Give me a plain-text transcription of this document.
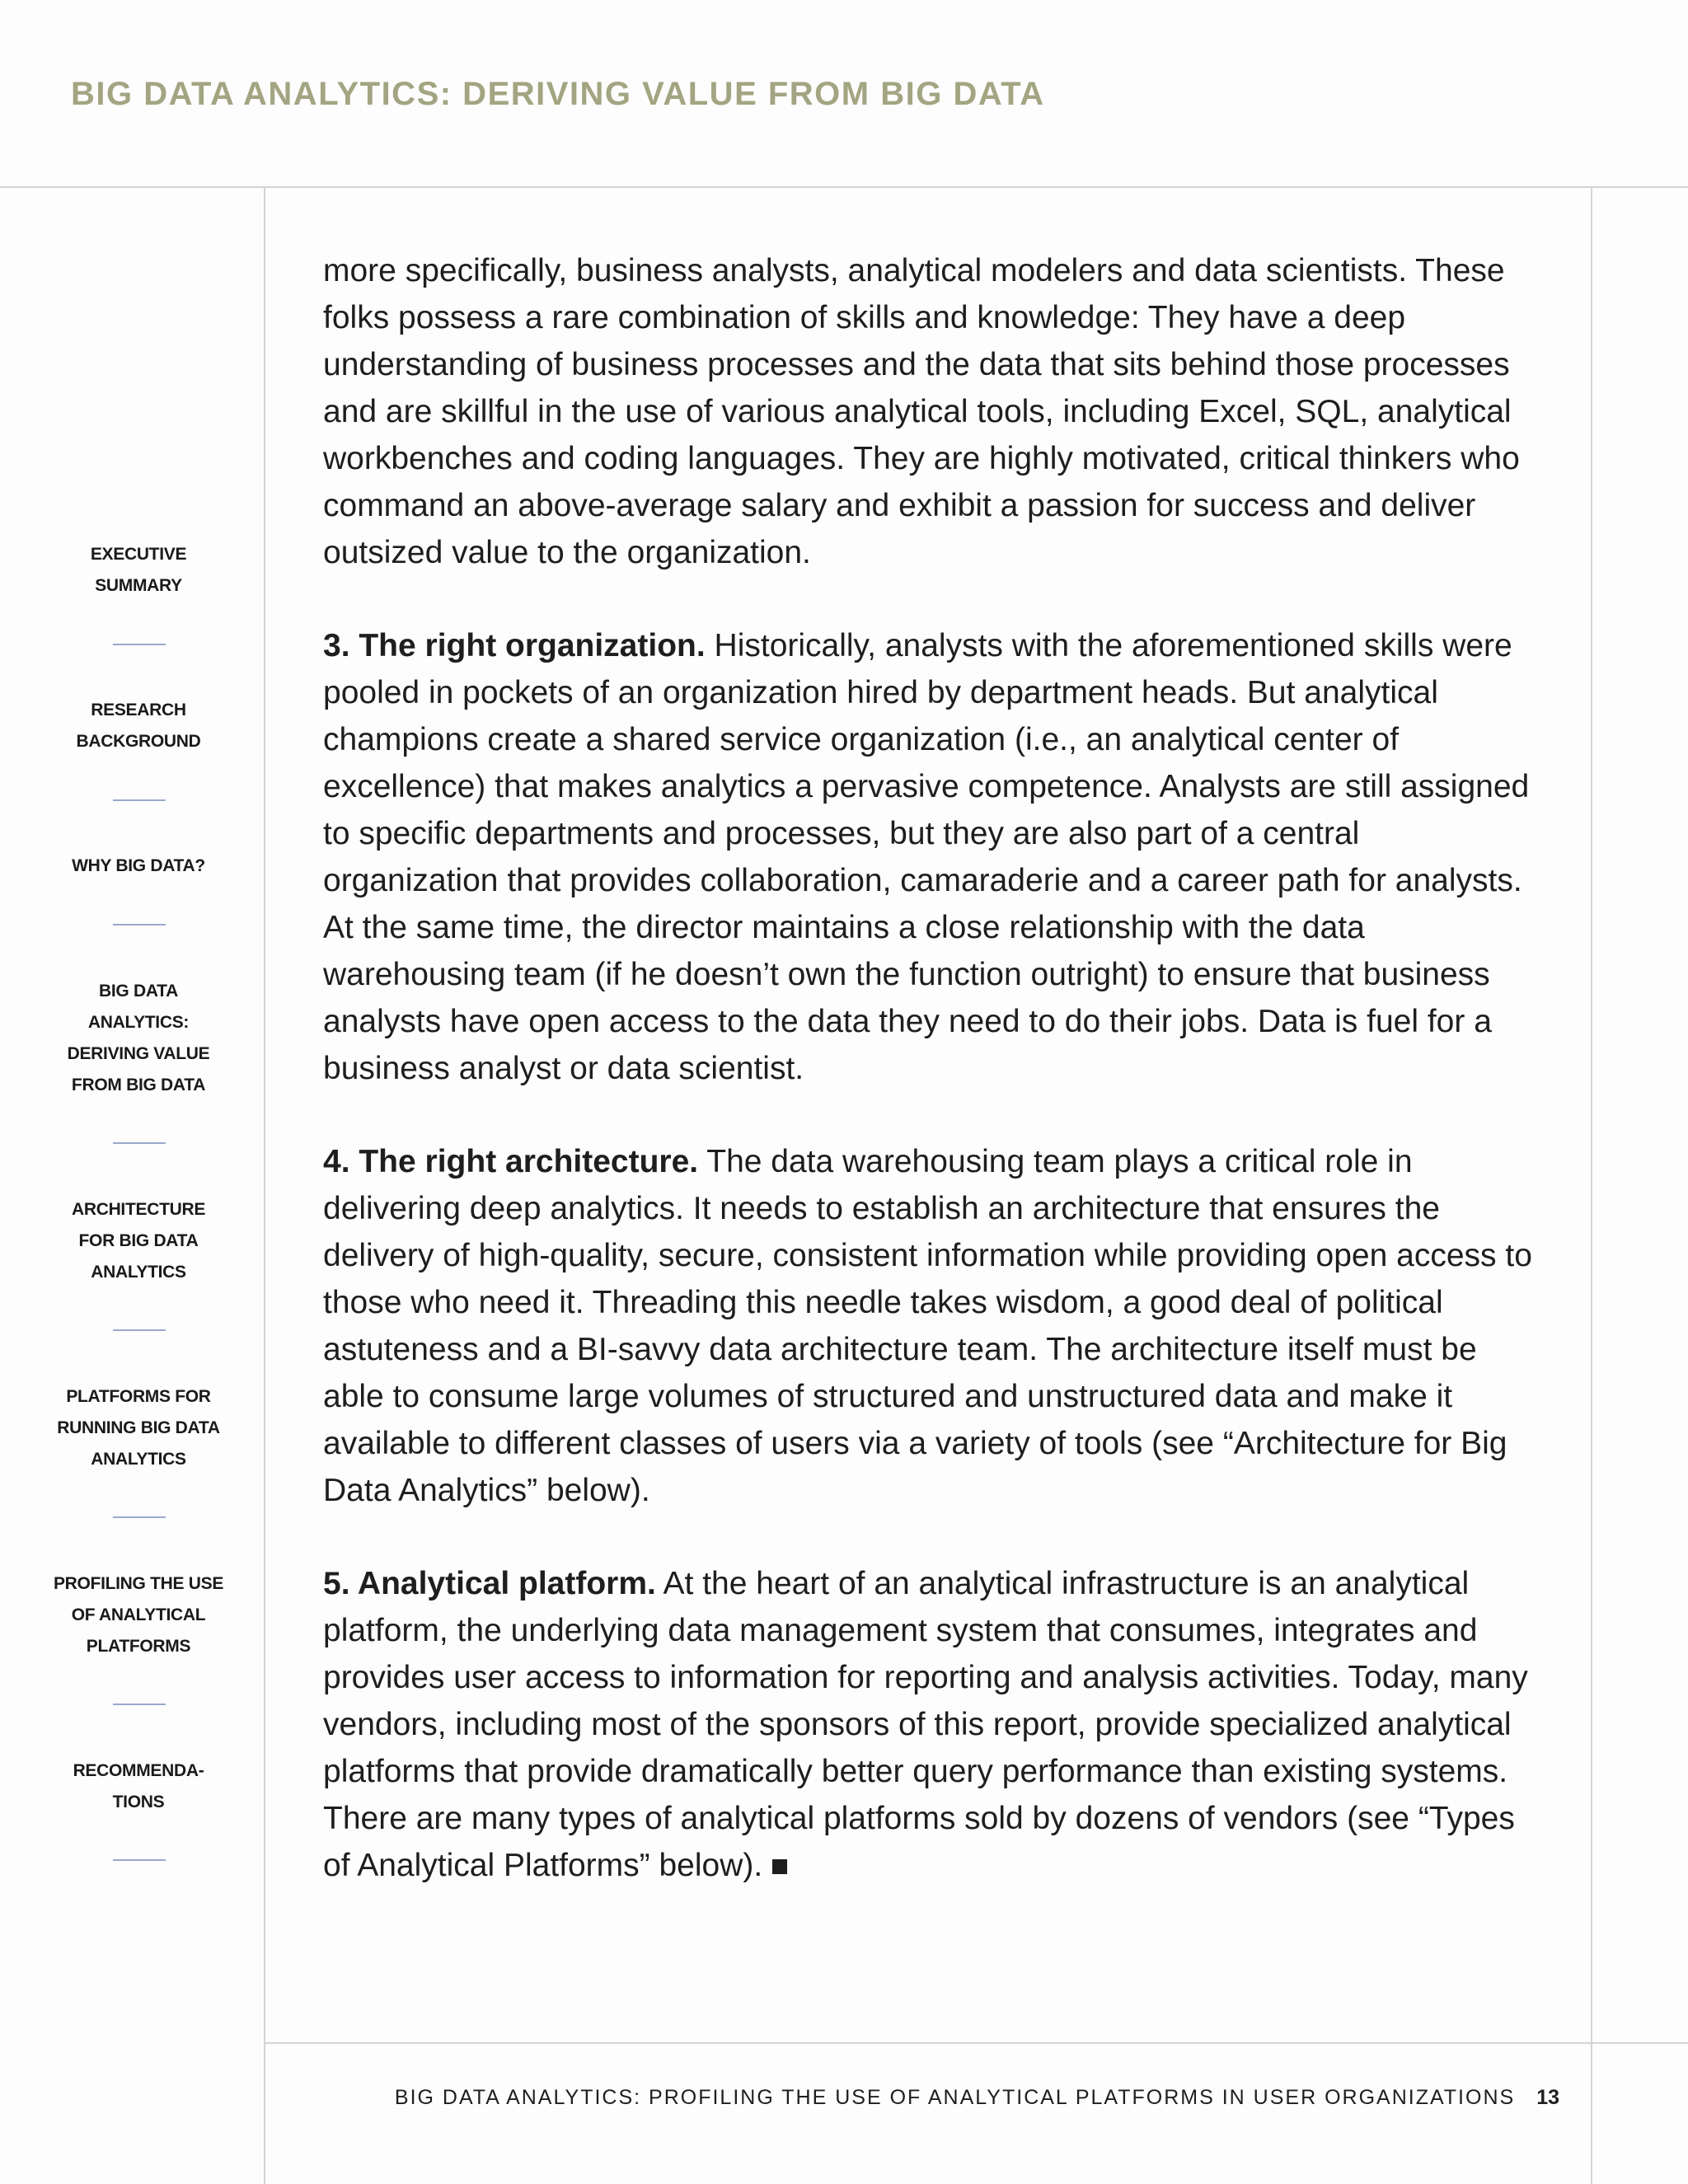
BIG DATA ANALYTICS: DERIVING VALUE FROM BIG DATA
EXECUTIVE
SUMMARY
RESEARCH
BACKGROUND
WHY BIG DATA?
BIG DATA
ANALYTICS:
DERIVING VALUE
FROM BIG DATA
ARCHITECTURE
FOR BIG DATA
ANALYTICS
PLATFORMS FOR
RUNNING BIG DATA
ANALYTICS
PROFILING THE USE
OF ANALYTICAL
PLATFORMS
RECOMMENDA-
TIONS

more specifically, business analysts, analytical modelers and data scientists. These folks possess a rare combination of skills and knowledge: They have a deep understanding of business processes and the data that sits behind those processes and are skillful in the use of various analytical tools, including Excel, SQL, analytical workbenches and coding languages. They are highly motivated, critical thinkers who command an above-average salary and exhibit a passion for success and deliver outsized value to the organization.

3. The right organization. Historically, analysts with the aforementioned skills were pooled in pockets of an organization hired by department heads. But analytical champions create a shared service organization (i.e., an analytical center of excellence) that makes analytics a pervasive competence. Analysts are still assigned to specific departments and processes, but they are also part of a central organization that provides collaboration, camaraderie and a career path for analysts. At the same time, the director maintains a close relationship with the data warehousing team (if he doesn’t own the function outright) to ensure that business analysts have open access to the data they need to do their jobs. Data is fuel for a business analyst or data scientist.

4. The right architecture. The data warehousing team plays a critical role in delivering deep analytics. It needs to establish an architecture that ensures the delivery of high-quality, secure, consistent information while providing open access to those who need it. Threading this needle takes wisdom, a good deal of political astuteness and a BI-savvy data architecture team. The architecture itself must be able to consume large volumes of structured and unstructured data and make it available to different classes of users via a variety of tools (see “Architecture for Big Data Analytics” below).

5. Analytical platform. At the heart of an analytical infrastructure is an analytical platform, the underlying data management system that consumes, integrates and provides user access to information for reporting and analysis activities. Today, many vendors, including most of the sponsors of this report, provide specialized analytical platforms that provide dramatically better query performance than existing systems. There are many types of analytical platforms sold by dozens of vendors (see “Types of Analytical Platforms” below).

BIG DATA ANALYTICS: PROFILING THE USE OF ANALYTICAL PLATFORMS IN USER ORGANIZATIONS 13
